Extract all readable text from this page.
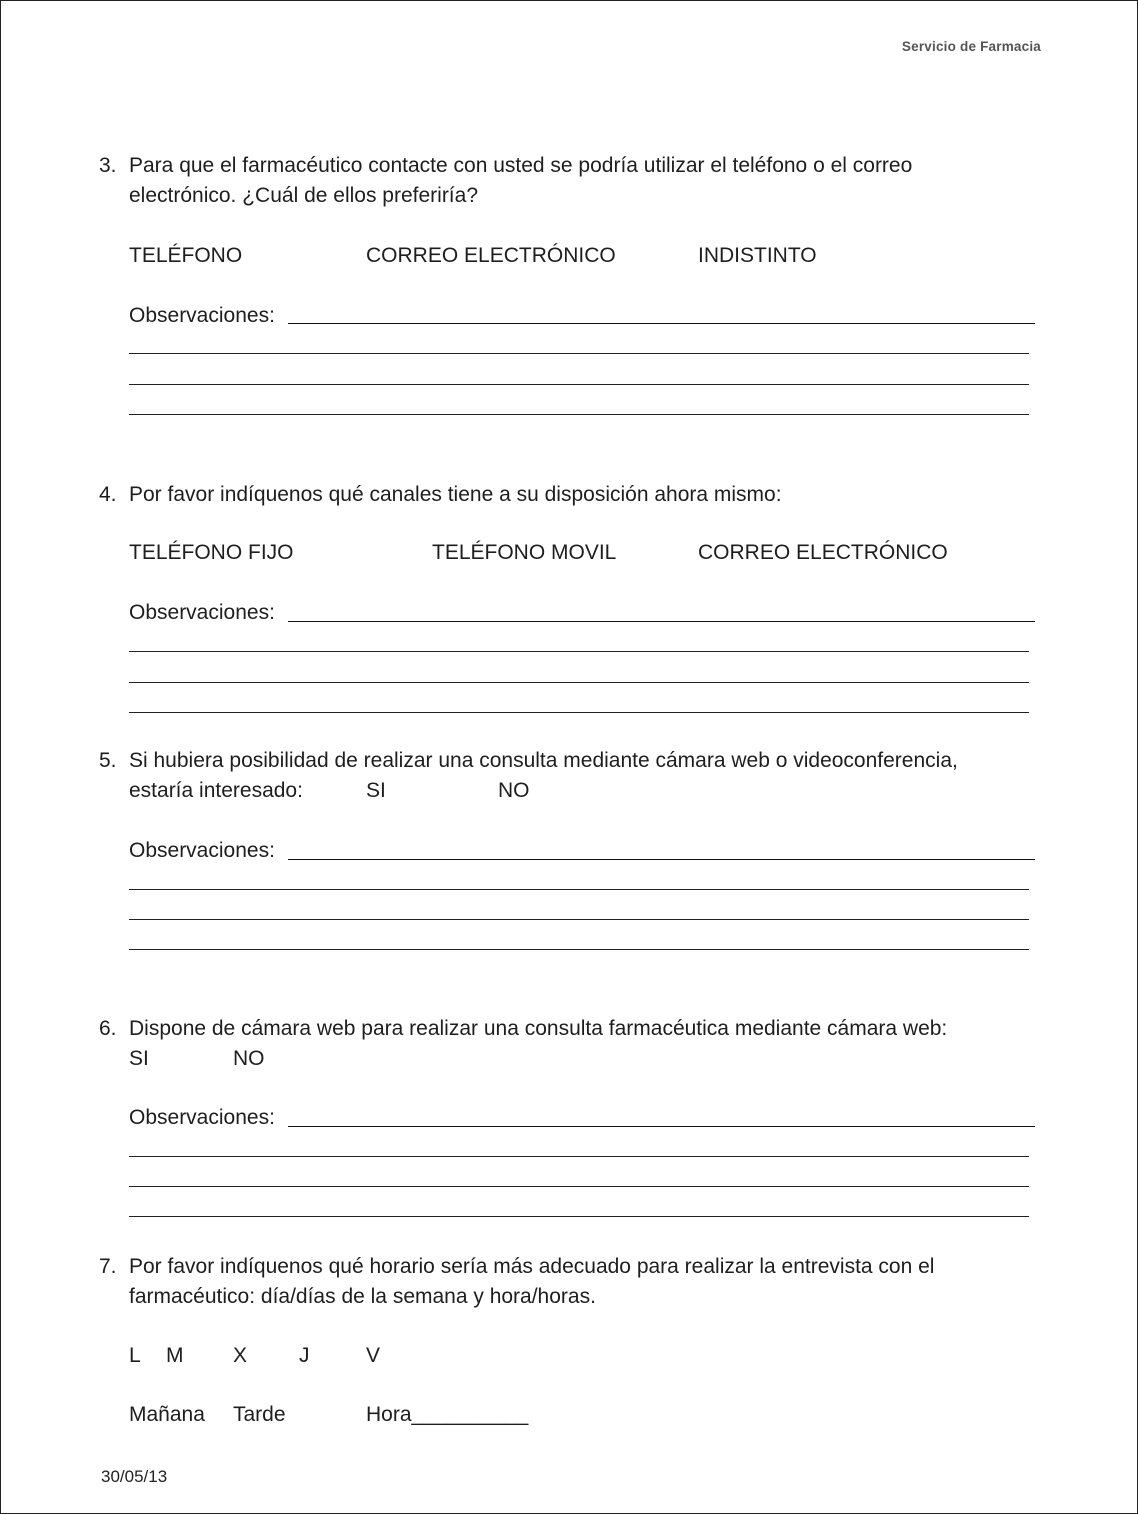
Servicio de Farmacia
3. Para que el farmacéutico contacte con usted se podría utilizar el teléfono o el correo
electrónico. ¿Cuál de ellos preferiría?
TELÉFONO	CORREO ELECTRÓNICO	INDISTINTO
Observaciones:
4. Por favor indíquenos qué canales tiene a su disposición ahora mismo:
TELÉFONO FIJO	TELÉFONO MOVIL	CORREO ELECTRÓNICO
Observaciones:
5. Si hubiera posibilidad de realizar una consulta mediante cámara web o videoconferencia,
estaría interesado:	SI	NO
Observaciones:
6. Dispone de cámara web para realizar una consulta farmacéutica mediante cámara web:
SI	NO
Observaciones:
7. Por favor indíquenos qué horario sería más adecuado para realizar la entrevista con el
farmacéutico: día/días de la semana y hora/horas.
L M X J	V
Mañana Tarde	Hora__________
30/05/13
